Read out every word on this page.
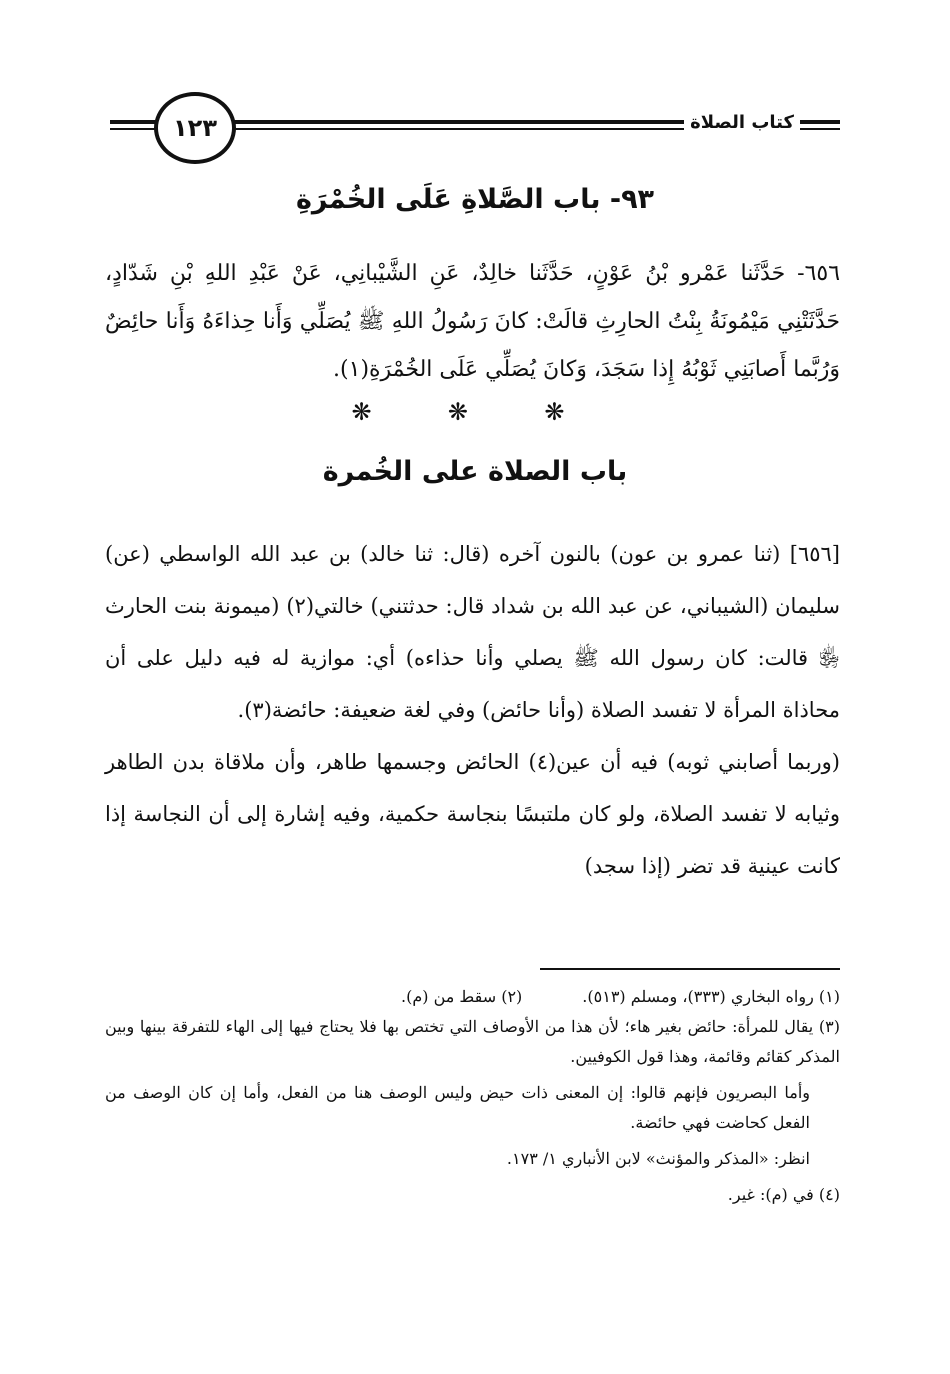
١٢٣	كتاب الصلاة
٩٣- باب الصَّلاةِ عَلَى الخُمْرَةِ
٦٥٦- حَدَّثَنا عَمْرو بْنُ عَوْنٍ، حَدَّثَنا خالِدٌ، عَنِ الشَّيْبانِي، عَنْ عَبْدِ اللهِ بْنِ شَدّادٍ، حَدَّثَتْنِي مَيْمُونَةُ بِنْتُ الحارِثِ قالَتْ: كانَ رَسُولُ اللهِ ﷺ يُصَلِّي وَأَنا حِذاءَهُ وَأَنا حائِضٌ وَرُبَّما أَصابَنِي ثَوْبُهُ إِذا سَجَدَ، وَكانَ يُصَلِّي عَلَى الخُمْرَةِ(١).
❋ ❋ ❋
باب الصلاة على الخُمرة

[٦٥٦] (ثنا عمرو بن عون) بالنون آخره (قال: ثنا خالد) بن عبد الله الواسطي (عن) سليمان (الشيباني، عن عبد الله بن شداد قال: حدثتني) خالتي(٢) (ميمونة بنت الحارث ﵂ قالت: كان رسول الله ﷺ يصلي وأنا حذاءه) أي: موازية له فيه دليل على أن محاذاة المرأة لا تفسد الصلاة (وأنا حائض) وفي لغة ضعيفة: حائضة(٣).

(وربما أصابني ثوبه) فيه أن عين(٤) الحائض وجسمها طاهر، وأن ملاقاة بدن الطاهر وثيابه لا تفسد الصلاة، ولو كان ملتبسًا بنجاسة حكمية، وفيه إشارة إلى أن النجاسة إذا كانت عينية قد تضر (إذا سجد)

(١) رواه البخاري (٣٣٣)، ومسلم (٥١٣).
(٢) سقط من (م).

(٣) يقال للمرأة: حائض بغير هاء؛ لأن هذا من الأوصاف التي تختص بها فلا يحتاج فيها إلى الهاء للتفرقة بينها وبين المذكر كقائم وقائمة، وهذا قول الكوفيين.

وأما البصريون فإنهم قالوا: إن المعنى ذات حيض وليس الوصف هنا من الفعل، وأما إن كان الوصف من الفعل كحاضت فهي حائضة.

انظر: «المذكر والمؤنث» لابن الأنباري ١/ ١٧٣.

(٤) في (م): غير.
